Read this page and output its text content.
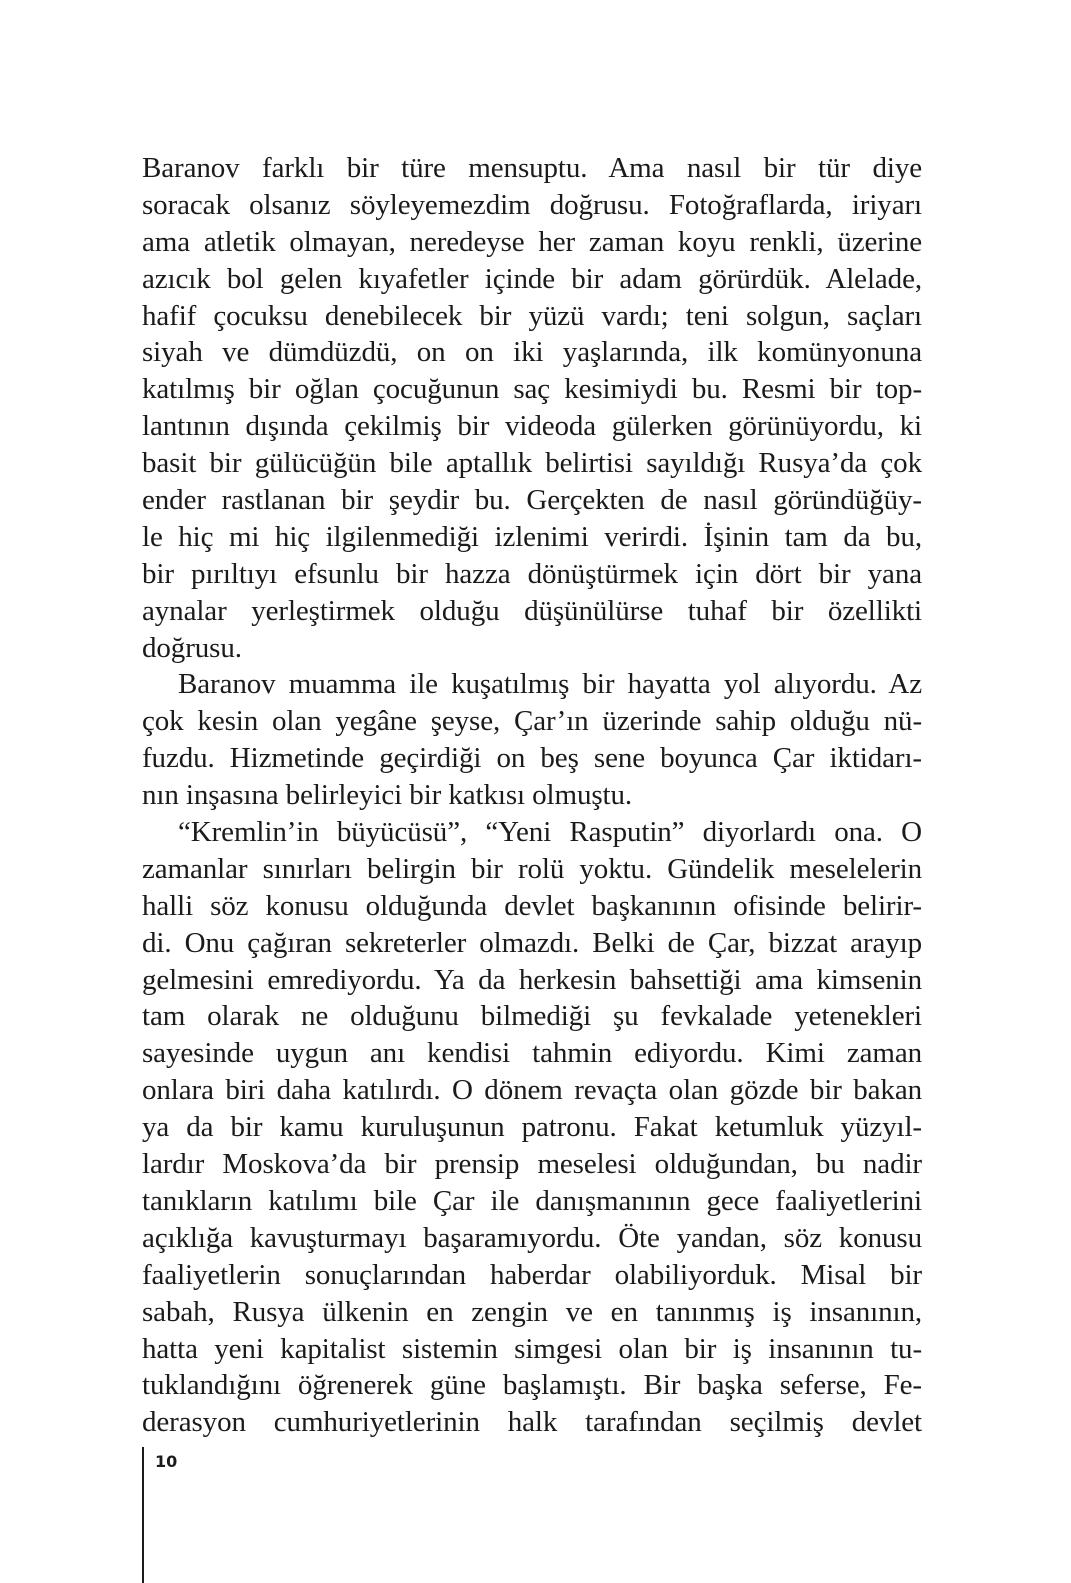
Baranov farklı bir türe mensuptu. Ama nasıl bir tür diye
soracak olsanız söyleyemezdim doğrusu. Fotoğraflarda, iriyarı
ama atletik olmayan, neredeyse her zaman koyu renkli, üzerine
azıcık bol gelen kıyafetler içinde bir adam görürdük. Alelade,
hafif çocuksu denebilecek bir yüzü vardı; teni solgun, saçları
siyah ve dümdüzdü, on on iki yaşlarında, ilk komünyonuna
katılmış bir oğlan çocuğunun saç kesimiydi bu. Resmi bir top-
lantının dışında çekilmiş bir videoda gülerken görünüyordu, ki
basit bir gülücüğün bile aptallık belirtisi sayıldığı Rusya’da çok
ender rastlanan bir şeydir bu. Gerçekten de nasıl göründüğüy-
le hiç mi hiç ilgilenmediği izlenimi verirdi. İşinin tam da bu,
bir pırıltıyı efsunlu bir hazza dönüştürmek için dört bir yana
aynalar yerleştirmek olduğu düşünülürse tuhaf bir özellikti
doğrusu.
Baranov muamma ile kuşatılmış bir hayatta yol alıyordu. Az
çok kesin olan yegâne şeyse, Çar’ın üzerinde sahip olduğu nü-
fuzdu. Hizmetinde geçirdiği on beş sene boyunca Çar iktidarı-
nın inşasına belirleyici bir katkısı olmuştu.
“Kremlin’in büyücüsü”, “Yeni Rasputin” diyorlardı ona. O
zamanlar sınırları belirgin bir rolü yoktu. Gündelik meselelerin
halli söz konusu olduğunda devlet başkanının ofisinde belirir-
di. Onu çağıran sekreterler olmazdı. Belki de Çar, bizzat arayıp
gelmesini emrediyordu. Ya da herkesin bahsettiği ama kimsenin
tam olarak ne olduğunu bilmediği şu fevkalade yetenekleri
sayesinde uygun anı kendisi tahmin ediyordu. Kimi zaman
onlara biri daha katılırdı. O dönem revaçta olan gözde bir bakan
ya da bir kamu kuruluşunun patronu. Fakat ketumluk yüzyıl-
lardır Moskova’da bir prensip meselesi olduğundan, bu nadir
tanıkların katılımı bile Çar ile danışmanının gece faaliyetlerini
açıklığa kavuşturmayı başaramıyordu. Öte yandan, söz konusu
faaliyetlerin sonuçlarından haberdar olabiliyorduk. Misal bir
sabah, Rusya ülkenin en zengin ve en tanınmış iş insanının,
hatta yeni kapitalist sistemin simgesi olan bir iş insanının tu-
tuklandığını öğrenerek güne başlamıştı. Bir başka seferse, Fe-
derasyon cumhuriyetlerinin halk tarafından seçilmiş devlet
10
